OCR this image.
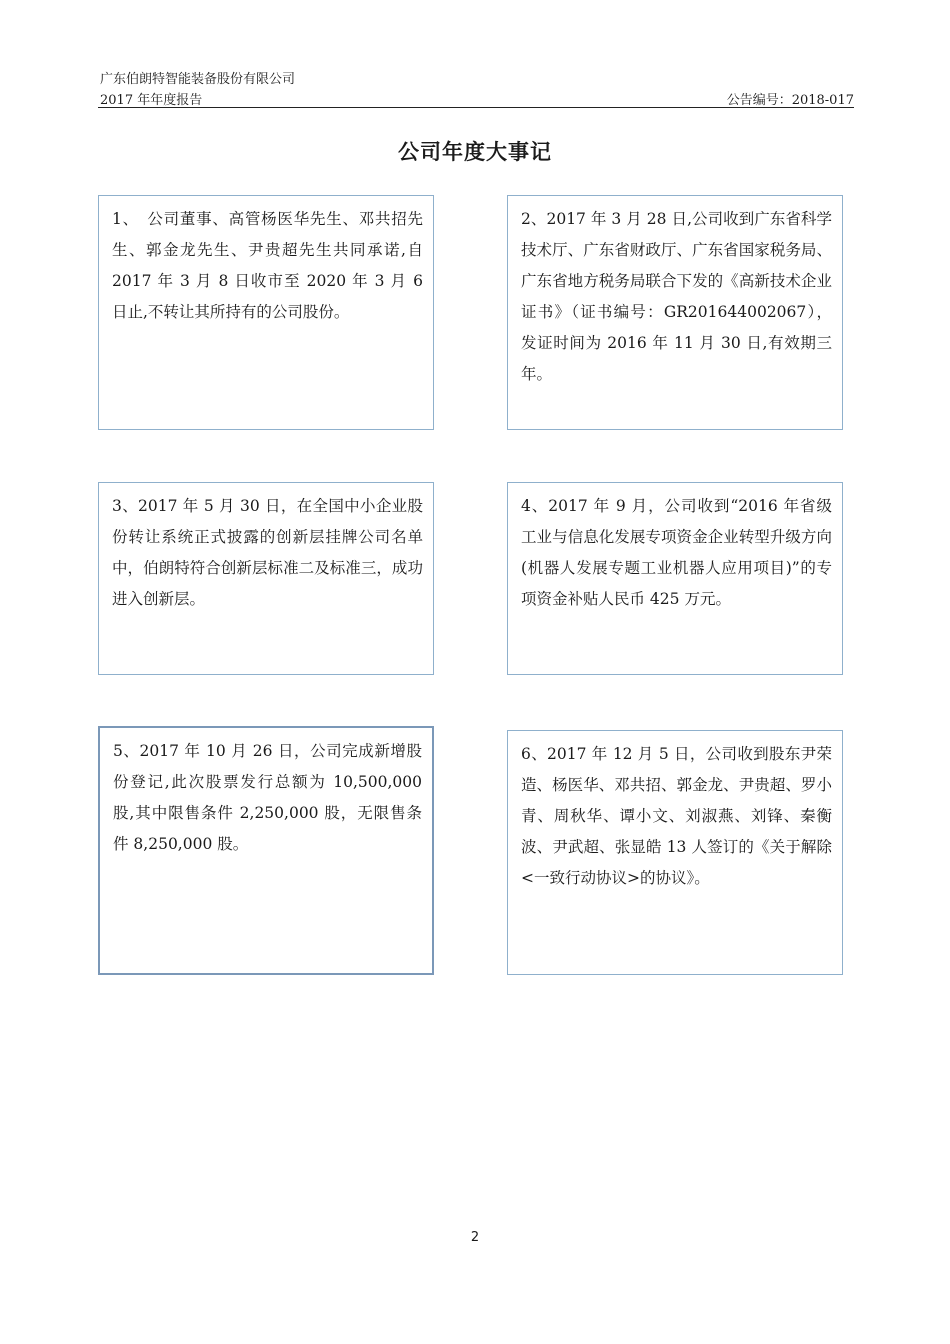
广东伯朗特智能装备股份有限公司
2017 年年度报告	公告编号：2018-017
公司年度大事记
1、　公司董事、高管杨医华先生、邓共招先生、郭金龙先生、尹贵超先生共同承诺,自 2017 年 3 月 8 日收市至 2020 年 3 月 6 日止,不转让其所持有的公司股份。
2、2017 年 3 月 28 日,公司收到广东省科学技术厅、广东省财政厅、广东省国家税务局、广东省地方税务局联合下发的《高新技术企业证书》（证书编号：GR201644002067），发证时间为 2016 年 11 月 30 日,有效期三年。
3、2017 年 5 月 30 日，在全国中小企业股份转让系统正式披露的创新层挂牌公司名单中，伯朗特符合创新层标准二及标准三，成功进入创新层。
4、2017 年 9 月，公司收到“2016 年省级工业与信息化发展专项资金企业转型升级方向(机器人发展专题工业机器人应用项目)”的专项资金补贴人民币 425 万元。
5、2017 年 10 月 26 日，公司完成新增股份登记,此次股票发行总额为 10,500,000 股,其中限售条件 2,250,000 股，无限售条件 8,250,000 股。
6、2017 年 12 月 5 日，公司收到股东尹荣造、杨医华、邓共招、郭金龙、尹贵超、罗小青、周秋华、谭小文、刘淑燕、刘锋、秦衡波、尹武超、张显皓 13 人签订的《关于解除<一致行动协议>的协议》。
2
